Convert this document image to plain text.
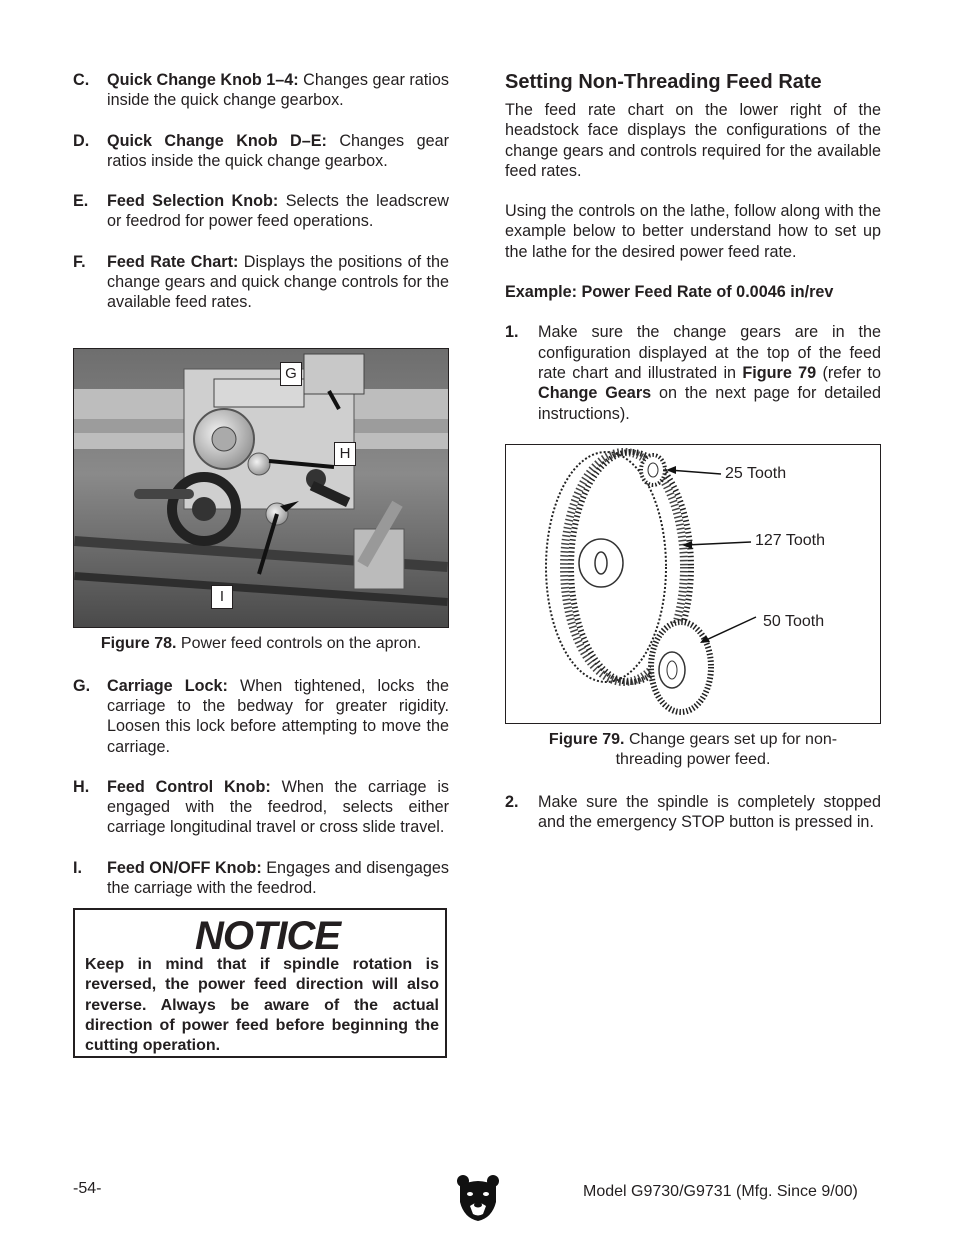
C. Quick Change Knob 1–4: Changes gear ratios inside the quick change gearbox.
D. Quick Change Knob D–E: Changes gear ratios inside the quick change gearbox.
E. Feed Selection Knob: Selects the leadscrew or feedrod for power feed operations.
F. Feed Rate Chart: Displays the positions of the change gears and quick change controls for the available feed rates.
G
H
I
Figure 78. Power feed controls on the apron.
G. Carriage Lock: When tightened, locks the carriage to the bedway for greater rigidity. Loosen this lock before attempting to move the carriage.
H. Feed Control Knob: When the carriage is engaged with the feedrod, selects either carriage longitudinal travel or cross slide travel.
I. Feed ON/OFF Knob: Engages and disengages the carriage with the feedrod.
NOTICE
Keep in mind that if spindle rotation is reversed, the power feed direction will also reverse. Always be aware of the actual direction of power feed before beginning the cutting operation.
Setting Non-Threading Feed Rate

The feed rate chart on the lower right of the headstock face displays the configurations of the change gears and controls required for the available feed rates.

Using the controls on the lathe, follow along with the example below to better understand how to set up the lathe for the desired power feed rate.

Example: Power Feed Rate of 0.0046 in/rev

1. Make sure the change gears are in the configuration displayed at the top of the feed rate chart and illustrated in Figure 79 (refer to Change Gears on the next page for detailed instructions).
25 Tooth
127 Tooth
50 Tooth
Figure 79. Change gears set up for non-threading power feed.
2. Make sure the spindle is completely stopped and the emergency STOP button is pressed in.
-54-	Model G9730/G9731 (Mfg. Since 9/00)
